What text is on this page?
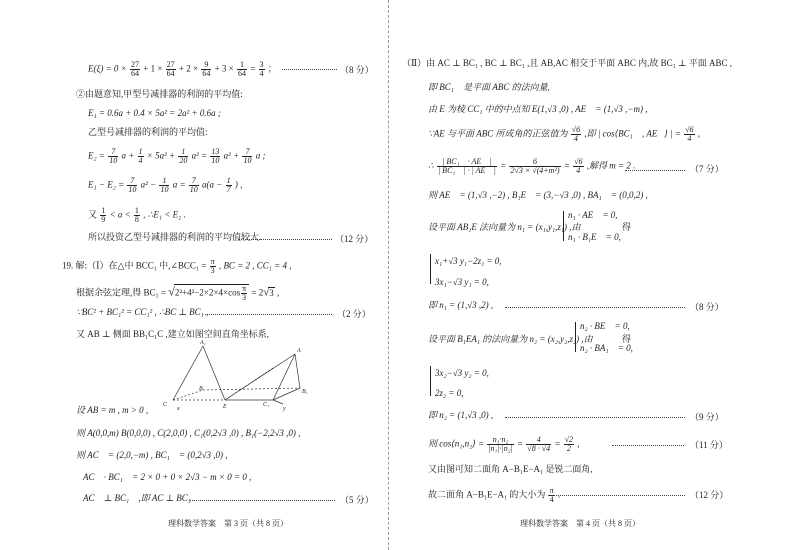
$E(\xi) = 0 \times \frac{27}{64} + 1 \times \frac{27}{64} + 2 \times \frac{9}{64} + 3 \times \frac{1}{64} = \frac{3}{4}$ ；	（8 分）
②由题意知,甲型号减排器的利润的平均值:
E₁ = 0.6a + 0.4 × 5a² = 2a² + 0.6a ;
乙型号减排器的利润的平均值:
$E_2 = \frac{7}{10}$ $a + \frac{1}{4} \times 5a^2 + \frac{1}{20} a^2 = \frac{13}{10} a^2 + \frac{7}{10}$ a ;
$E_1 - E_2 = \frac{7}{10} a^2 - \frac{1}{10}$ $a = \frac{7}{10} a(a - \frac{1}{7}$ ) ,
又 $\frac{1}{9} < a < \frac{1}{8}$ , ∴E₁ < E₂ .
所以投资乙型号减排器的利润的平均值较大.	（12 分）
19. 解:（Ⅰ）在△中 BCC₁ 中,∠BCC₁ = $\frac{\pi}{3}$ , BC = 2 , CC₁ = 4 ,
根据余弦定理,得 $BC_1 = √2^2+4^2-2\times 2\times 4\times\cos \frac{\pi}{3} = 2√3$ ,
∵BC² + BC₁² = CC₁² , ∴BC ⊥ BC₁ ,	（2 分）
又 AB ⊥ 侧面 BB₁C₁C ,建立如图空间直角坐标系,
A₁
A
B
C	E	C₁
B₁
x	y
设 AB = m , m > 0 ,
则 A(0,0,m) B(0,0,0) , C(2,0,0) , C₁(0,2√3 ,0) , B₁(−2,2√3 ,0) ,
则 AC⃗ = (2,0,−m) , BC₁⃗ = (0,2√3 ,0) ,
∴AC⃗ · BC₁⃗ = 2 × 0 + 0 × 2√3 − m × 0 = 0 ,
∴AC⃗ ⊥ BC₁⃗ ,即 AC ⊥ BC₁ .	（5 分）
理科数学答案　第 3 页（共 8 页）
（Ⅱ）由 AC ⊥ BC₁ , BC ⊥ BC₁ ,且 AB,AC 相交于平面 ABC 内,故 BC₁ ⊥ 平面 ABC ,
即 BC₁⃗ 是平面 ABC 的法向量,
由 E 为棱 CC₁ 中的中点知 E(1,√3 ,0) , AE⃗ = (1,√3 ,−m) ,
∵AE 与平面 ABC 所成角的正弦值为 $\frac{√6}{4}$ ,即 | cos⟨BC₁⃗ , AE⃗⟩ | = $\frac{√6}{4}$ ,
∴ $\frac{\text{| BC₁⃗ · AE⃗ |}}{\text{| BC₁⃗ | · | AE⃗ |}} = \frac{6}{\text{2√3 × √(4+m²)}} = \frac{√6}{4}$ ,解得 m = 2 .	（7 分）
则 AE⃗ = (1,√3 ,−2) , B₁E⃗ = (3,−√3 ,0) , BA₁⃗ = (0,0,2) ,
设平面 AB₁E 法向量为 n₁ = (x₁,y₁,z₁) ,由
n₁ · AE⃗ = 0,
n₁ · B₁E⃗ = 0,
得
x₁+√3 y₁−2z₁ = 0,
3x₁−√3 y₁ = 0,
即 n₁ = (1,√3 ,2) ,	（8 分）
设平面 B₁EA₁ 的法向量为 n₂ = (x₂,y₂,z₂) ,由
n₂ · BE⃗ = 0,
n₂ · BA₁⃗ = 0,
得
3x₂−√3 y₂ = 0,
2z₂ = 0,
即 n₂ = (1,√3 ,0) ,	（9 分）
则 cos⟨n₁,n₂⟩ = $\frac{\text{n₁·n₂}}{\text{|n₁|·|n₂|}} = \frac{4}{√8 \cdot √4} = \frac{√2}{2}$ ,	（11 分）
又由图可知二面角 A−B₁E−A₁ 是锐二面角,
故二面角 A−B₁E−A₁ 的大小为 $\frac{\pi}{4}$ .	（12 分）
理科数学答案　第 4 页（共 8 页）
